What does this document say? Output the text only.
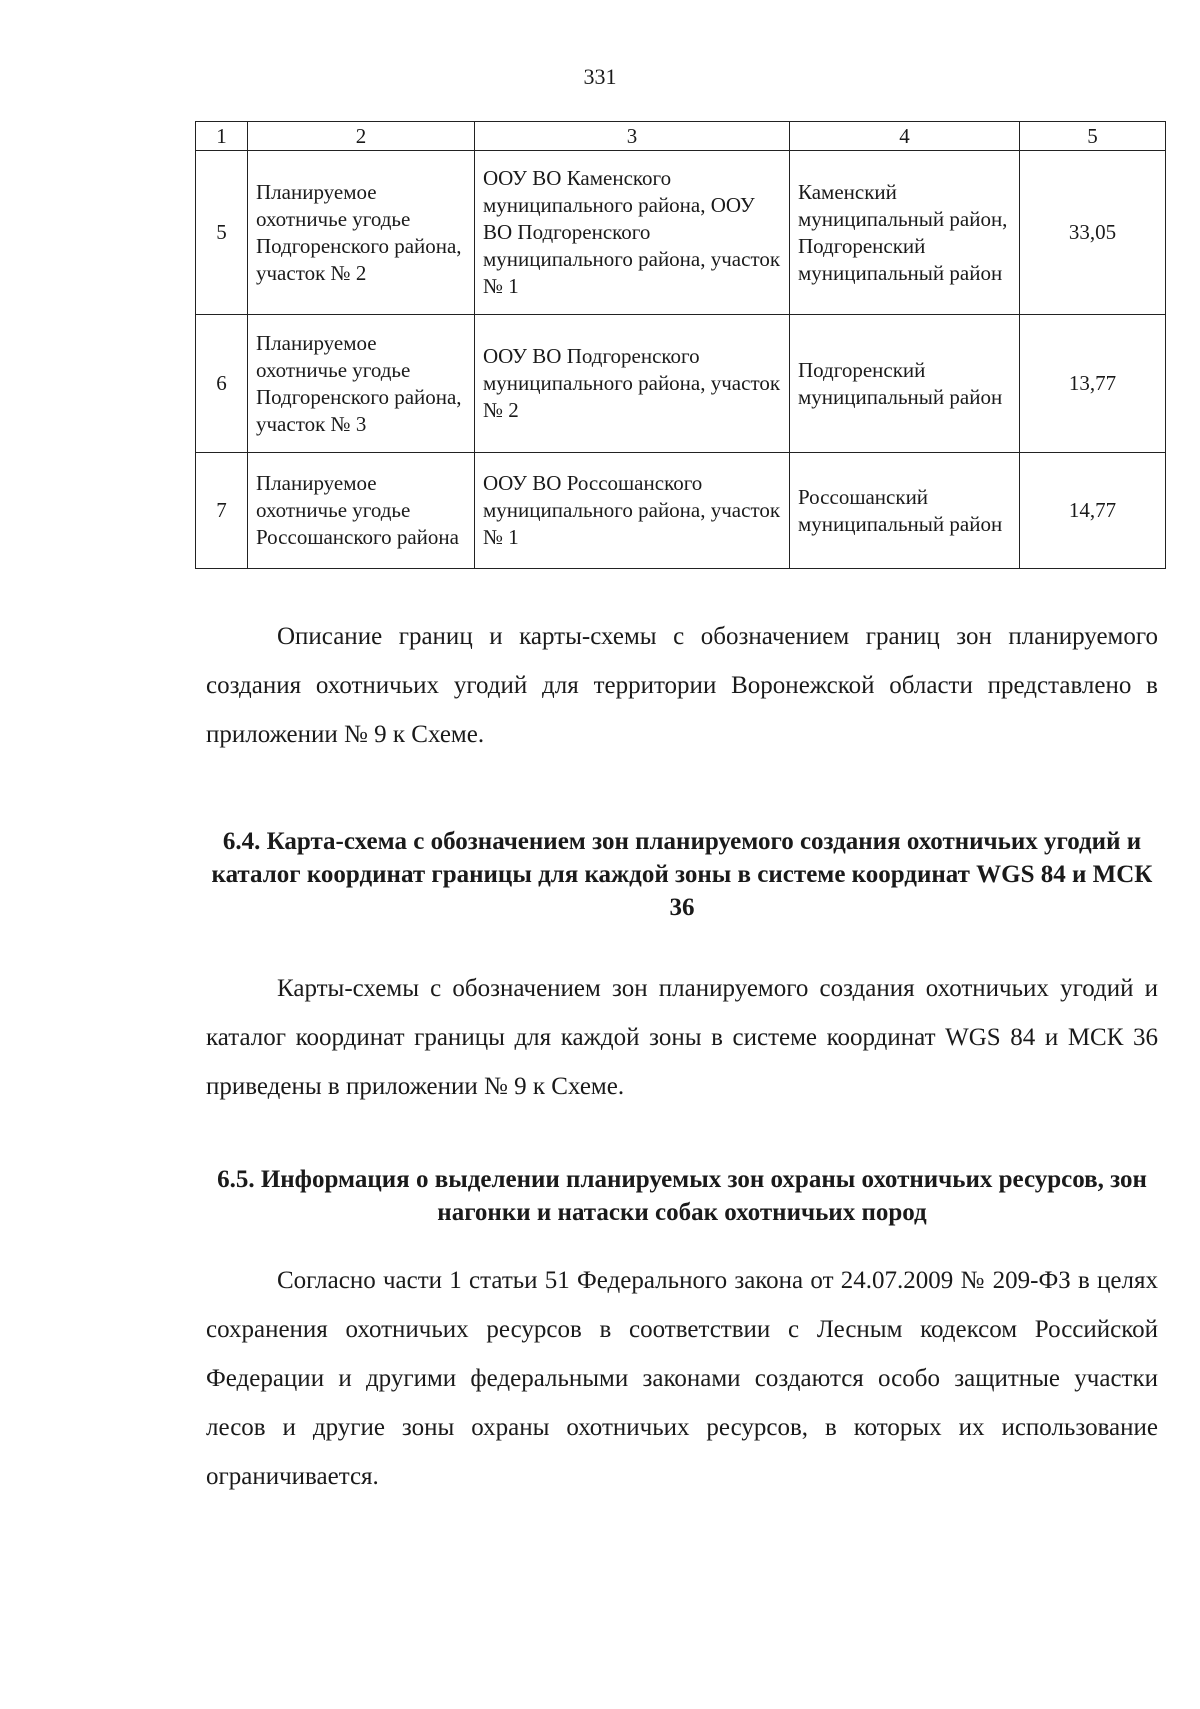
331
1	2	3	4	5
5	Планируемое охотничье угодье Подгоренского района, участок № 2	ООУ ВО Каменского муниципального района, ООУ ВО Подгоренского муниципального района, участок № 1	Каменский муниципальный район, Подгоренский муниципальный район	33,05
6	Планируемое охотничье угодье Подгоренского района, участок № 3	ООУ ВО Подгоренского муниципального района, участок № 2	Подгоренский муниципальный район	13,77
7	Планируемое охотничье угодье Россошанского района	ООУ ВО Россошанского муниципального района, участок № 1	Россошанский муниципальный район	14,77

Описание границ и карты-схемы с обозначением границ зон планируемого создания охотничьих угодий для территории Воронежской области представлено в приложении № 9 к Схеме.

6.4. Карта-схема с обозначением зон планируемого создания охотничьих угодий и каталог координат границы для каждой зоны в системе координат WGS 84 и МСК 36

Карты-схемы с обозначением зон планируемого создания охотничьих угодий и каталог координат границы для каждой зоны в системе координат WGS 84 и МСК 36 приведены в приложении № 9 к Схеме.

6.5. Информация о выделении планируемых зон охраны охотничьих ресурсов, зон нагонки и натаски собак охотничьих пород

Согласно части 1 статьи 51 Федерального закона от 24.07.2009 № 209-ФЗ в целях сохранения охотничьих ресурсов в соответствии с Лесным кодексом Российской Федерации и другими федеральными законами создаются особо защитные участки лесов и другие зоны охраны охотничьих ресурсов, в которых их использование ограничивается.
